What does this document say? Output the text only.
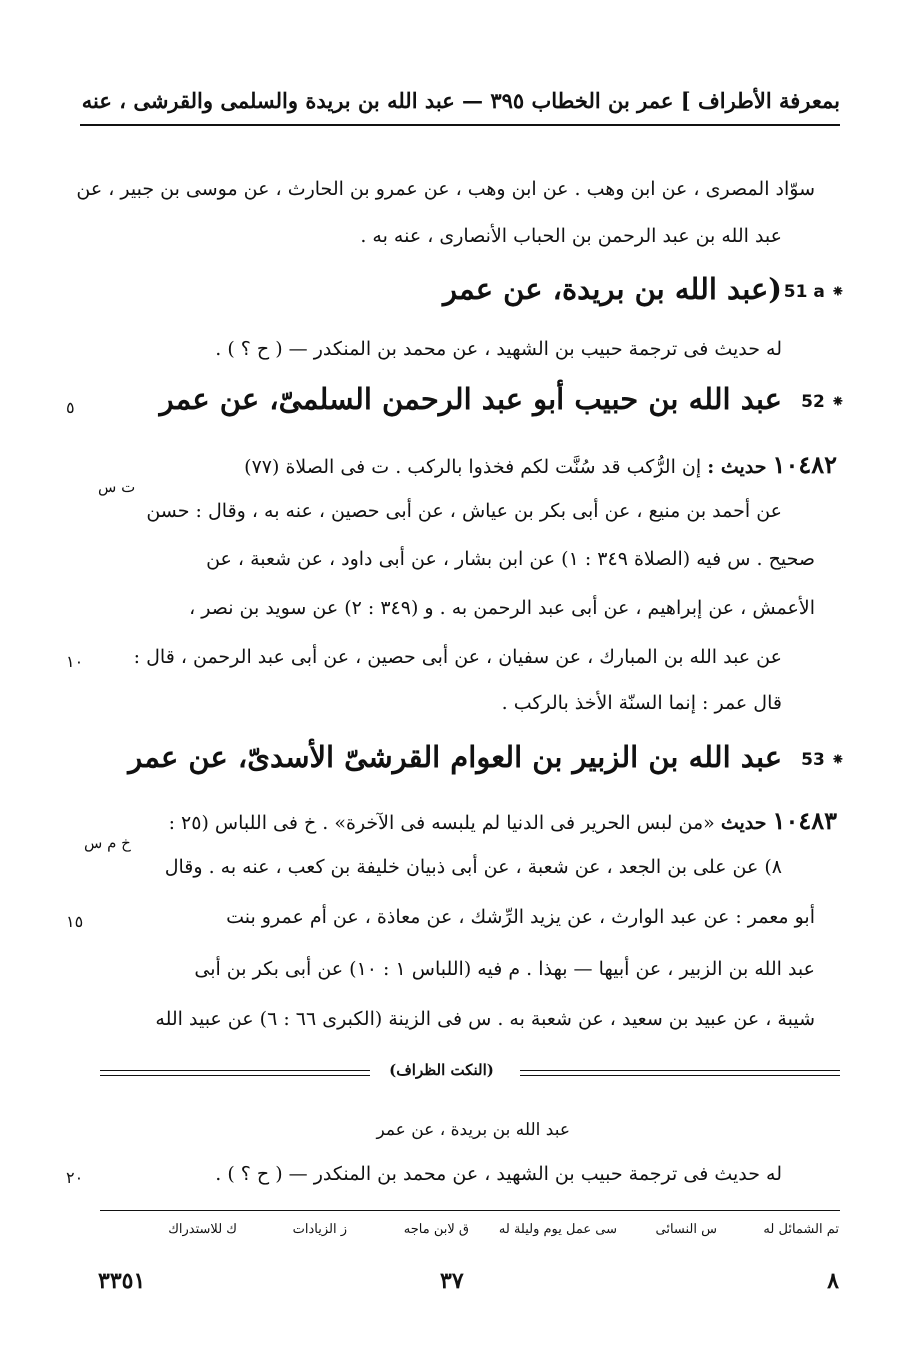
بمعرفة الأطراف ] عمر بن الخطاب ٣٩٥ — عبد الله بن بريدة والسلمى والقرشى ، عنه
سوّاد المصرى ، عن ابن وهب . عن ابن وهب ، عن عمرو بن الحارث ، عن موسى بن جبير ، عن
عبد الله بن عبد الرحمن بن الحباب الأنصارى ، عنه به .
51 a ⁕
(عبد الله بن بريدة، عن عمر
له حديث فى ترجمة حبيب بن الشهيد ، عن محمد بن المنكدر — ( ح ؟ ) .
52 ⁕
عبد الله بن حبيب أبو عبد الرحمن السلمىّ، عن عمر
٥
١٠٤٨٢ حديث : إن الرُّكب قد سُنَّت لكم فخذوا بالركب . ت فى الصلاة (٧٧)
ت س
عن أحمد بن منيع ، عن أبى بكر بن عياش ، عن أبى حصين ، عنه به ، وقال : حسن
صحيح . س فيه (الصلاة ٣٤٩ : ١) عن ابن بشار ، عن أبى داود ، عن شعبة ، عن
الأعمش ، عن إبراهيم ، عن أبى عبد الرحمن به . و (٣٤٩ : ٢) عن سويد بن نصر ،
عن عبد الله بن المبارك ، عن سفيان ، عن أبى حصين ، عن أبى عبد الرحمن ، قال :
١٠
قال عمر : إنما السنّة الأخذ بالركب .
53 ⁕
عبد الله بن الزبير بن العوام القرشىّ الأسدىّ، عن عمر
١٠٤٨٣ حديث «من لبس الحرير فى الدنيا لم يلبسه فى الآخرة» . خ فى اللباس (٢٥ :
خ م س
٨) عن على بن الجعد ، عن شعبة ، عن أبى ذبيان خليفة بن كعب ، عنه به . وقال
أبو معمر : عن عبد الوارث ، عن يزيد الرِّشك ، عن معاذة ، عن أم عمرو بنت
١٥
عبد الله بن الزبير ، عن أبيها — بهذا . م فيه (اللباس ١ : ١٠) عن أبى بكر بن أبى
شيبة ، عن عبيد بن سعيد ، عن شعبة به . س فى الزينة (الكبرى ٦٦ : ٦) عن عبيد الله
(النكت الظراف)
عبد الله بن بريدة ، عن عمر
له حديث فى ترجمة حبيب بن الشهيد ، عن محمد بن المنكدر — ( ح ؟ ) .
٢٠
تم الشمائل له
س النسائى
سى عمل يوم وليلة له
ق لابن ماجه
ز الزيادات
ك للاستدراك
٨
٣٧
٣٣٥١
